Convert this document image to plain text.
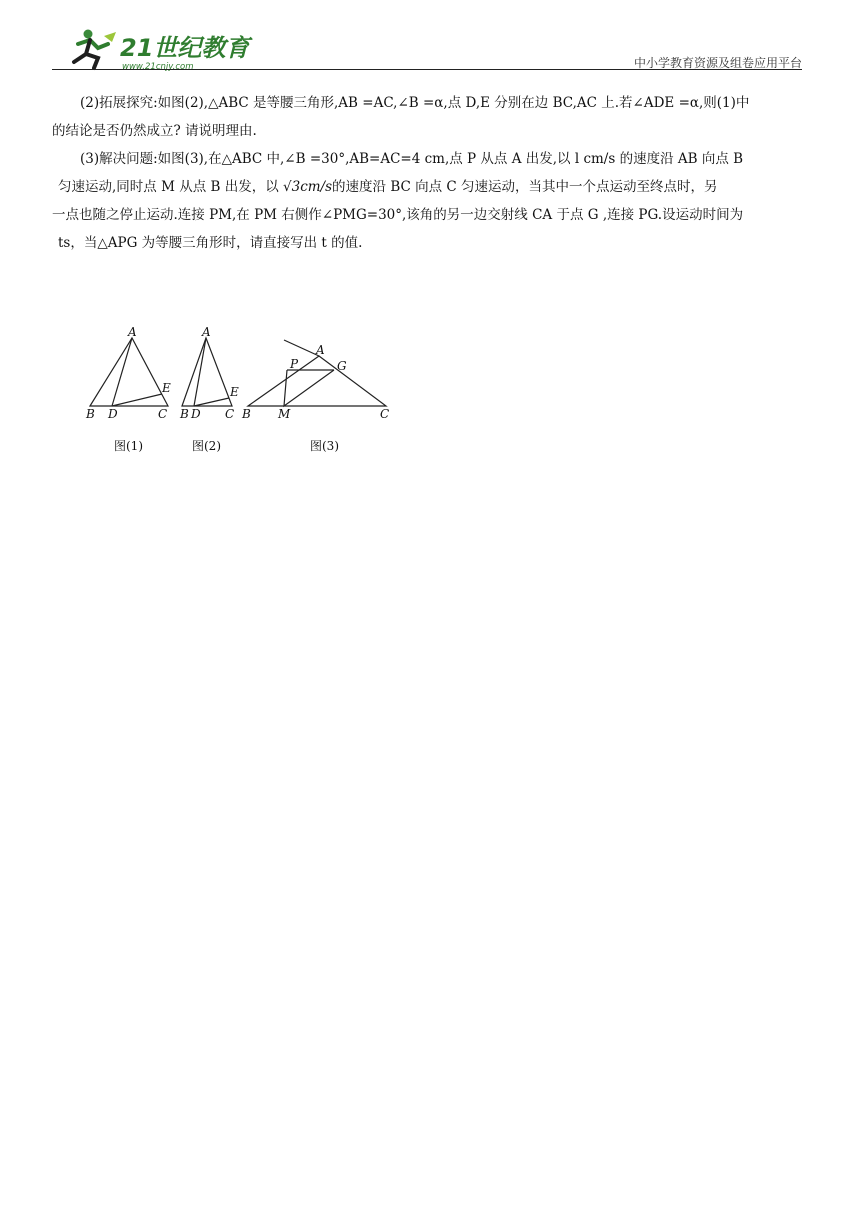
21世纪教育
www.21cnjy.com	中小学教育资源及组卷应用平台

(2)拓展探究:如图(2),△ABC 是等腰三角形,AB =AC,∠B =α,点 D,E 分别在边 BC,AC 上.若∠ADE =α,则(1)中

的结论是否仍然成立? 请说明理由.

(3)解决问题:如图(3),在△ABC 中,∠B =30°,AB=AC=4 cm,点 P 从点 A 出发,以 l cm/s 的速度沿 AB 向点 B

匀速运动,同时点 M 从点 B 出发，以 √3cm/s的速度沿 BC 向点 C 匀速运动，当其中一个点运动至终点时，另

一点也随之停止运动.连接 PM,在 PM 右侧作∠PMG=30°,该角的另一边交射线 CA 于点 G ,连接 PG.设运动时间为

ts，当△APG 为等腰三角形时，请直接写出 t 的值.

A
B D	C
E
A
B D C
E
A
P	G
B M	C
图(1)	图(2)	图(3)
